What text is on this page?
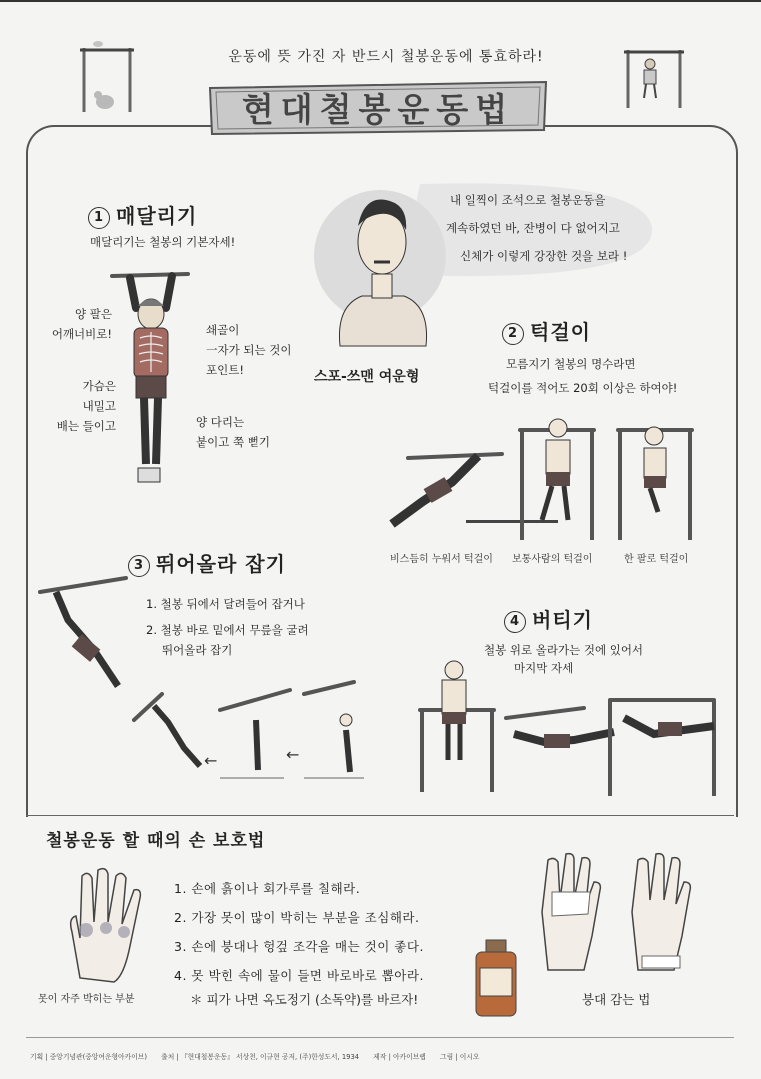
운동에 뜻 가진 자 반드시 철봉운동에 통효하라!
현대철봉운동법
1 매달리기
매달리기는 철봉의 기본자세!
양 팔은
어깨너비로!	쇄골이
一자가 되는 것이
포인트!
가슴은
내밀고
배는 들이고	양 다리는
붙이고 쭉 뻗기
내 일찍이 조석으로 철봉운동을
계속하였던 바, 잔병이 다 없어지고
신체가 이렇게 강장한 것을 보라 !
스포-쓰맨 여운형
2 턱걸이
모름지기 철봉의 명수라면
턱걸이를 적어도 20회 이상은 하여야!
비스듬히 누워서 턱걸이 보통사람의 턱걸이	한 팔로 턱걸이
3 뛰어올라 잡기
1. 철봉 뒤에서 달려들어 잡거나
2. 철봉 바로 밑에서 무릎을 굴려
뛰어올라 잡기
←	←
4 버티기
철봉 위로 올라가는 것에 있어서
마지막 자세
철봉운동 할 때의 손 보호법
못이 자주 박히는 부분
1. 손에 흙이나 회가루를 칠해라.
2. 가장 못이 많이 박히는 부분을 조심해라.
3. 손에 붕대나 헝겊 조각을 매는 것이 좋다.
4. 못 박힌 속에 물이 들면 바로바로 뽑아라.
＊ 피가 나면 옥도정기 (소독약)를 바르자!	붕대 감는 법
기획 | 중앙기념관(중앙여운형아카이브) 출처 | 『현대철봉운동』 서상천, 이규현 공저, (주)한성도서, 1934 제작 | 아카이브랩 그림 | 이시오
